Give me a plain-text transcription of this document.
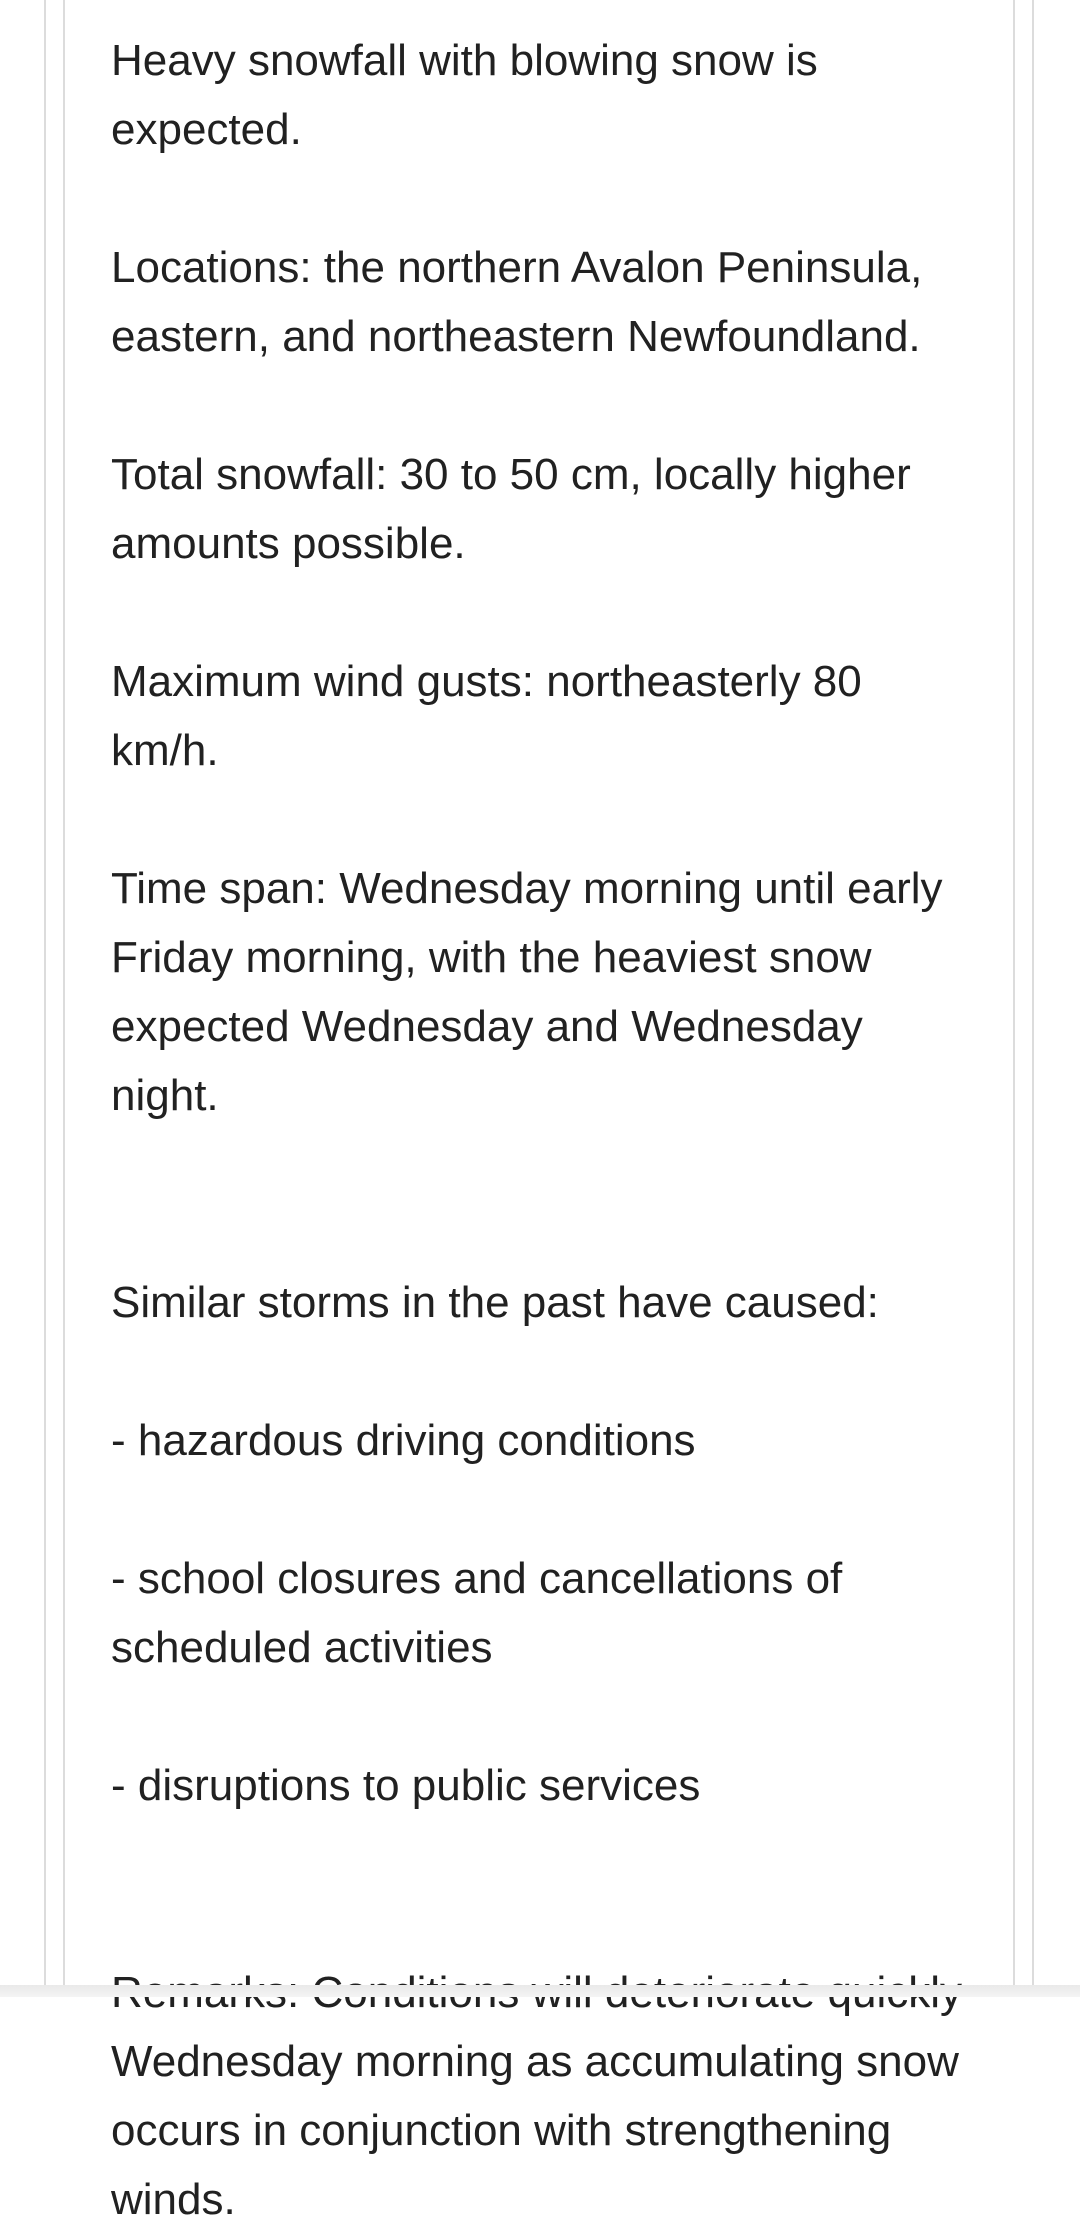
Heavy snowfall with blowing snow is expected.

Locations: the northern Avalon Peninsula, eastern, and northeastern Newfoundland.

Total snowfall: 30 to 50 cm, locally higher amounts possible.

Maximum wind gusts: northeasterly 80 km/h.

Time span: Wednesday morning until early Friday morning, with the heaviest snow expected Wednesday and Wednesday night.

Similar storms in the past have caused:

- hazardous driving conditions

- school closures and cancellations of scheduled activities

- disruptions to public services

Wednesday morning as accumulating snow occurs in conjunction with strengthening winds.
